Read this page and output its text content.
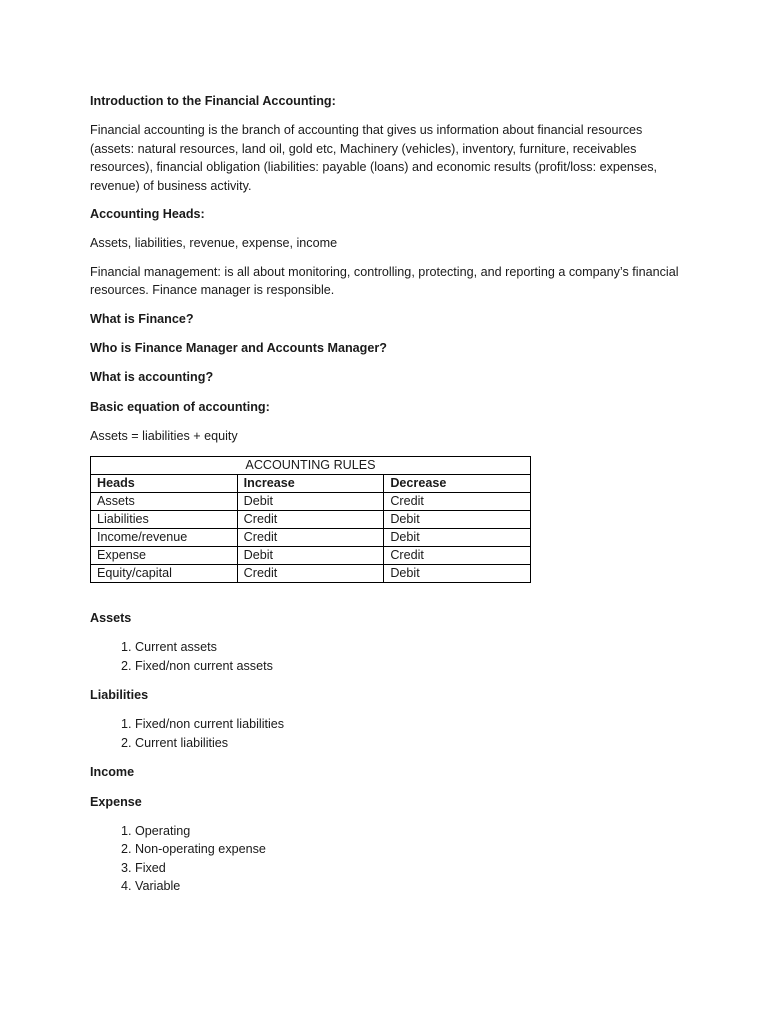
Introduction to the Financial Accounting:
Financial accounting is the branch of accounting that gives us information about financial resources (assets: natural resources, land oil, gold etc, Machinery (vehicles), inventory, furniture, receivables resources), financial obligation (liabilities: payable (loans) and economic results (profit/loss: expenses, revenue) of business activity.
Accounting Heads:
Assets, liabilities, revenue, expense, income
Financial management: is all about monitoring, controlling, protecting, and reporting a company’s financial resources. Finance manager is responsible.
What is Finance?
Who is Finance Manager and Accounts Manager?
What is accounting?
Basic equation of accounting:
Assets = liabilities + equity
ACCOUNTING RULES		
Heads	Increase	Decrease
Assets	Debit	Credit
Liabilities	Credit	Debit
Income/revenue	Credit	Debit
Expense	Debit	Credit
Equity/capital	Credit	Debit
Assets
1. Current assets
2. Fixed/non current assets
Liabilities
1. Fixed/non current liabilities
2. Current liabilities
Income
Expense
1. Operating
2. Non-operating expense
3. Fixed
4. Variable
